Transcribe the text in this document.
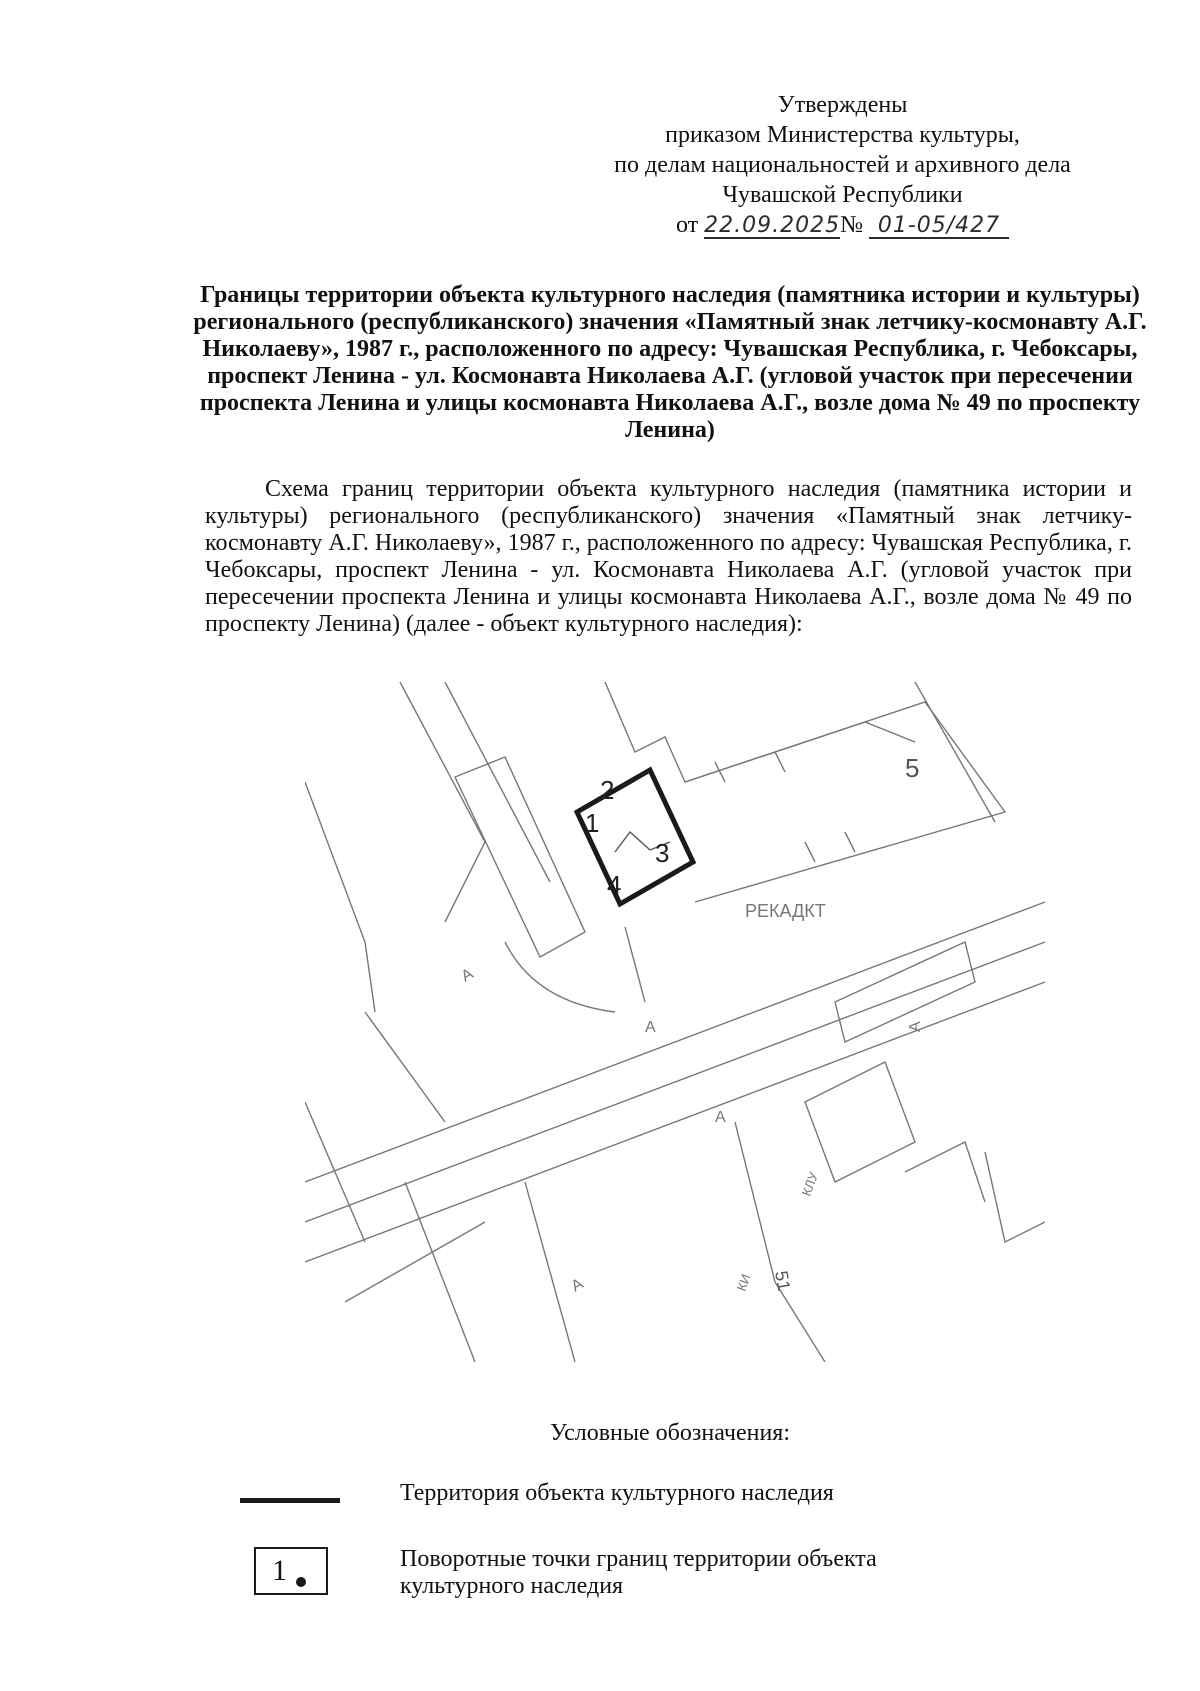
Утверждены
приказом Министерства культуры,
по делам национальностей и архивного дела
Чувашской Республики
от 22.09.2025№ 01-05/427
Границы территории объекта культурного наследия (памятника истории и культуры) регионального (республиканского) значения «Памятный знак летчику-космонавту А.Г. Николаеву», 1987 г., расположенного по адресу: Чувашская Республика, г. Чебоксары, проспект Ленина - ул. Космонавта Николаева А.Г. (угловой участок при пересечении проспекта Ленина и улицы космонавта Николаева А.Г., возле дома № 49 по проспекту Ленина)
Схема границ территории объекта культурного наследия (памятника истории и культуры) регионального (республиканского) значения «Памятный знак летчику-космонавту А.Г. Николаеву», 1987 г., расположенного по адресу: Чувашская Республика, г. Чебоксары, проспект Ленина - ул. Космонавта Николаева А.Г. (угловой участок при пересечении проспекта Ленина и улицы космонавта Николаева А.Г., возле дома № 49 по проспекту Ленина) (далее - объект культурного наследия):
2
1
3
4
5
РЕКАДКТ
51
А
А	А
А
А
КЛУ
КИ
Условные обозначения:
Территория объекта культурного наследия
1	Поворотные точки границ территории объекта культурного наследия
